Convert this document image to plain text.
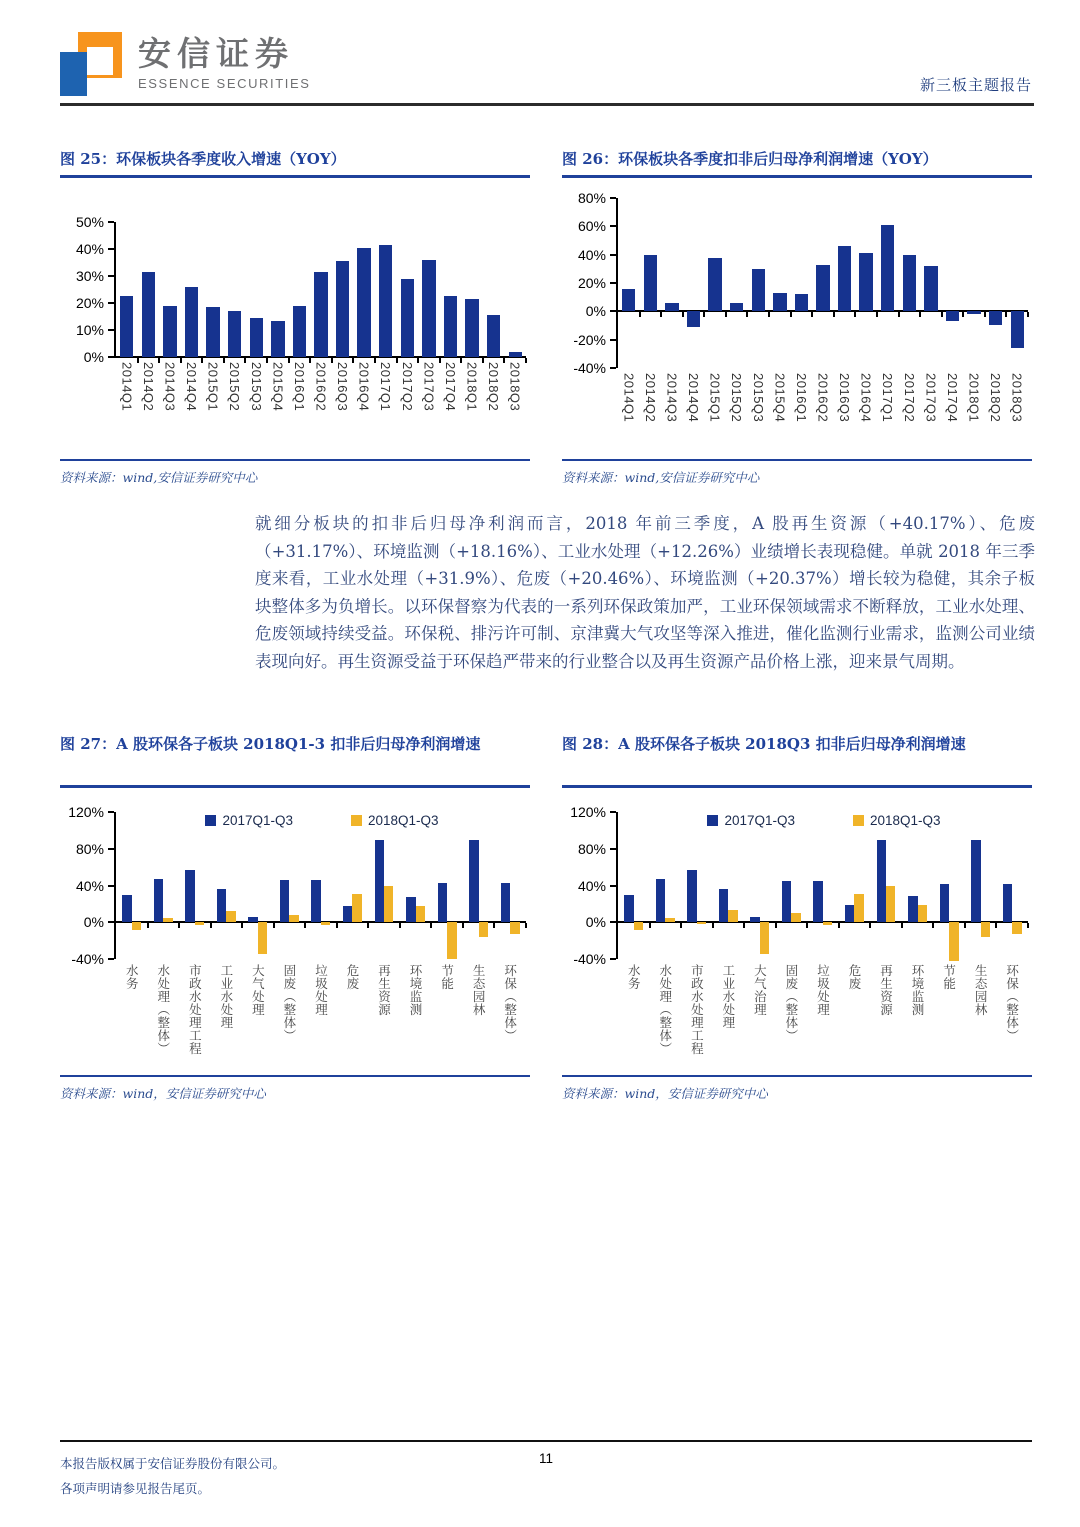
安信证券
ESSENCE SECURITIES	新三板主题报告
图 25：环保板块各季度收入增速（YOY）
50%
40%
30%
20%
10%
0%
2014Q1 2014Q2 2014Q3 2014Q4 2015Q1 2015Q2 2015Q3 2015Q4 2016Q1 2016Q2 2016Q3 2016Q4 2017Q1 2017Q2 2017Q3 2017Q4 2018Q1 2018Q2 2018Q3
资料来源：wind,安信证券研究中心
图 26：环保板块各季度扣非后归母净利润增速（YOY）
80%
60%
40%
20%
0%
-20%
-40%
2014Q1 2014Q2 2014Q3 2014Q4 2015Q1 2015Q2 2015Q3 2015Q4 2016Q1 2016Q2 2016Q3 2016Q4 2017Q1 2017Q2 2017Q3 2017Q4 2018Q1 2018Q2 2018Q3
资料来源：wind,安信证券研究中心
就细分板块的扣非后归母净利润而言，2018 年前三季度，A 股再生资源（+40.17%）、危废（+31.17%）、环境监测（+18.16%）、工业水处理（+12.26%）业绩增长表现稳健。单就 2018 年三季度来看，工业水处理（+31.9%）、危废（+20.46%）、环境监测（+20.37%）增长较为稳健，其余子板块整体多为负增长。以环保督察为代表的一系列环保政策加严，工业环保领域需求不断释放，工业水处理、危废领域持续受益。环保税、排污许可制、京津冀大气攻坚等深入推进，催化监测行业需求，监测公司业绩表现向好。再生资源受益于环保趋严带来的行业整合以及再生资源产品价格上涨，迎来景气周期。
图 27：A 股环保各子板块 2018Q1-3 扣非后归母净利润增速
120%
80%
40%
0%
-40%
2017Q1-Q3	2018Q1-Q3
水务 水处理（整体） 市政水处理工程 工业水处理 大气处理 固废（整体） 垃圾处理 危废 再生资源 环境监测 节能 生态园林 环保（整体）
资料来源：wind，安信证券研究中心
图 28：A 股环保各子板块 2018Q3 扣非后归母净利润增速
120%
80%
40%
0%
-40%
2017Q1-Q3	2018Q1-Q3
水务 水处理（整体） 市政水处理工程 工业水处理 大气治理 固废（整体） 垃圾处理 危废 再生资源 环境监测 节能 生态园林 环保（整体）
资料来源：wind，安信证券研究中心
本报告版权属于安信证券股份有限公司。
各项声明请参见报告尾页。
11
